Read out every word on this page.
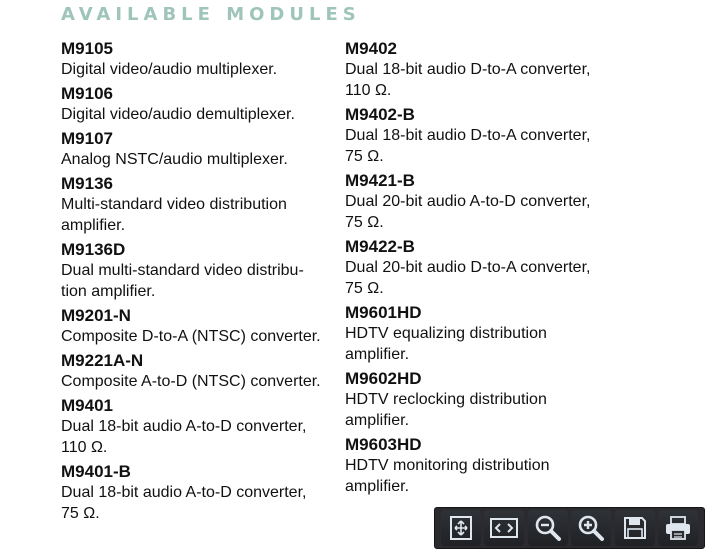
AVAILABLE MODULES
M9105
Digital video/audio multiplexer.
M9106
Digital video/audio demultiplexer.
M9107
Analog NSTC/audio multiplexer.
M9136
Multi-standard video distribution
amplifier.
M9136D
Dual multi-standard video distribu-
tion amplifier.
M9201-N
Composite D-to-A (NTSC) converter.
M9221A-N
Composite A-to-D (NTSC) converter.
M9401
Dual 18-bit audio A-to-D converter,
110 Ω.
M9401-B
Dual 18-bit audio A-to-D converter,
75 Ω.
M9402
Dual 18-bit audio D-to-A converter,
110 Ω.
M9402-B
Dual 18-bit audio D-to-A converter,
75 Ω.
M9421-B
Dual 20-bit audio A-to-D converter,
75 Ω.
M9422-B
Dual 20-bit audio D-to-A converter,
75 Ω.
M9601HD
HDTV equalizing distribution
amplifier.
M9602HD
HDTV reclocking distribution
amplifier.
M9603HD
HDTV monitoring distribution
amplifier.
